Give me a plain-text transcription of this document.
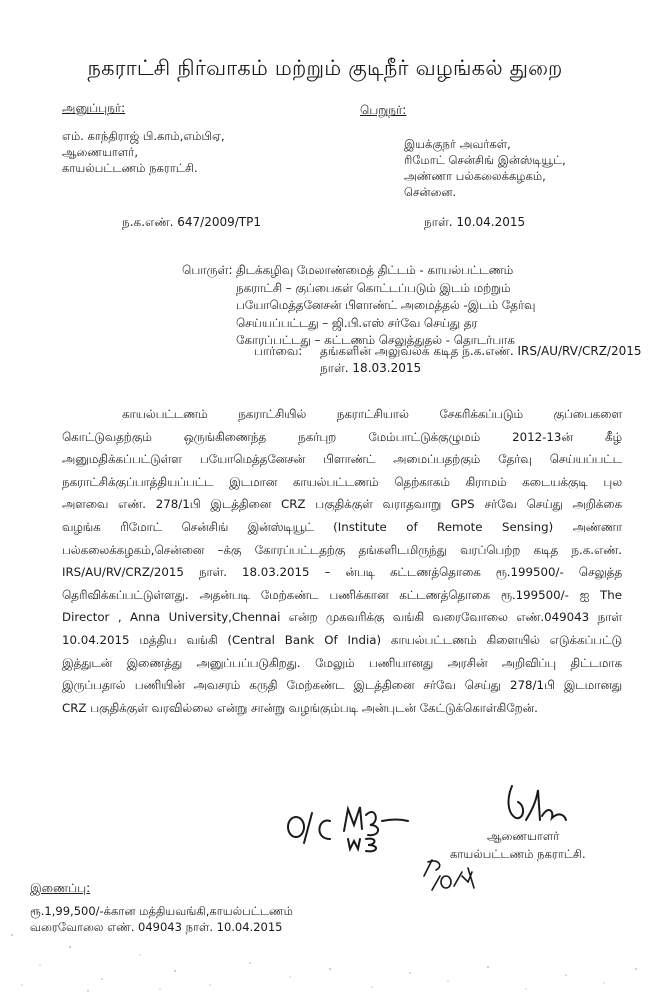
நகராட்சி நிர்வாகம் மற்றும் குடிநீர் வழங்கல் துறை
அனுப்புநர்:
எம். காந்திராஜ் பி.காம்,எம்பிஏ,
ஆணையாளர்,
காயல்பட்டணம் நகராட்சி.
பெறுநர்:
இயக்குநர் அவர்கள்,
ரிமோட் சென்சிங் இன்ஸ்டியூட்,
அண்ணா பல்கலைக்கழகம்,
சென்னை.
ந.க.எண். 647/2009/TP1	நாள். 10.04.2015
பொருள்: திடக்கழிவு மேலாண்மைத் திட்டம் - காயல்பட்டணம்
நகராட்சி – குப்பைகள் கொட்டப்படும் இடம் மற்றும்
பயோமெத்தனேசன் பிளாண்ட் அமைத்தல் -இடம் தேர்வு
செய்யப்பட்டது – ஜி.பி.எஸ் சர்வே செய்து தர
கோரப்பட்டது – கட்டணம் செலுத்துதல் - தொடர்பாக
பார்வை: தங்களின் அலுவலக கடித ந.க.எண். IRS/AU/RV/CRZ/2015
நாள். 18.03.2015
காயல்பட்டணம் நகராட்சியில் நகராட்சியால் சேகரிக்கப்படும் குப்பைகளை
கொட்டுவதற்கும் ஒருங்கிணைந்த நகர்புற மேம்பாட்டுக்குழுமம் 2012-13ன் கீழ்
அனுமதிக்கப்பட்டுள்ள பயோமெத்தனேசன் பிளாண்ட் அமைப்பதற்கும் தேர்வு செய்யப்பட்ட
நகராட்சிக்குப்பாத்தியப்பட்ட இடமான காயல்பட்டணம் தெற்காகம் கிராமம் கடையக்குடி புல
அளவை எண். 278/1பி இடத்தினை CRZ பகுதிக்குள் வராதவாறு GPS சர்வே செய்து அறிக்கை
வழங்க ரிமோட் சென்சிங் இன்ஸ்டியூட் (Institute of Remote Sensing) அண்ணா
பல்கலைக்கழகம்,சென்னை –க்கு கோரப்பட்டதற்கு தங்களிடமிருந்து வரப்பெற்ற கடித ந.க.எண்.
IRS/AU/RV/CRZ/2015 நாள். 18.03.2015 – ன்படி கட்டணத்தொகை ரூ.199500/- செலுத்த
தெரிவிக்கப்பட்டுள்ளது. அதன்படி மேற்கண்ட பணிக்கான கட்டணத்தொகை ரூ.199500/- ஐ The
Director , Anna University,Chennai என்ற முகவரிக்கு வங்கி வரைவோலை எண்.049043 நாள்
10.04.2015 மத்திய வங்கி (Central Bank Of India) காயல்பட்டணம் கிளையில் எடுக்கப்பட்டு
இத்துடன் இணைத்து அனுப்பப்படுகிறது. மேலும் பணியானது அரசின் அறிவிப்பு திட்டமாக
இருப்பதால் பணியின் அவசரம் கருதி மேற்கண்ட இடத்தினை சர்வே செய்து 278/1பி இடமானது
CRZ பகுதிக்குள் வரவில்லை என்று சான்று வழங்கும்படி அன்புடன் கேட்டுக்கொள்கிறேன்.
ஆணையாளர்
காயல்பட்டணம் நகராட்சி.
இணைப்பு:
ரூ.1,99,500/-க்கான மத்தியவங்கி,காயல்பட்டணம்
வரைவோலை எண். 049043 நாள். 10.04.2015
